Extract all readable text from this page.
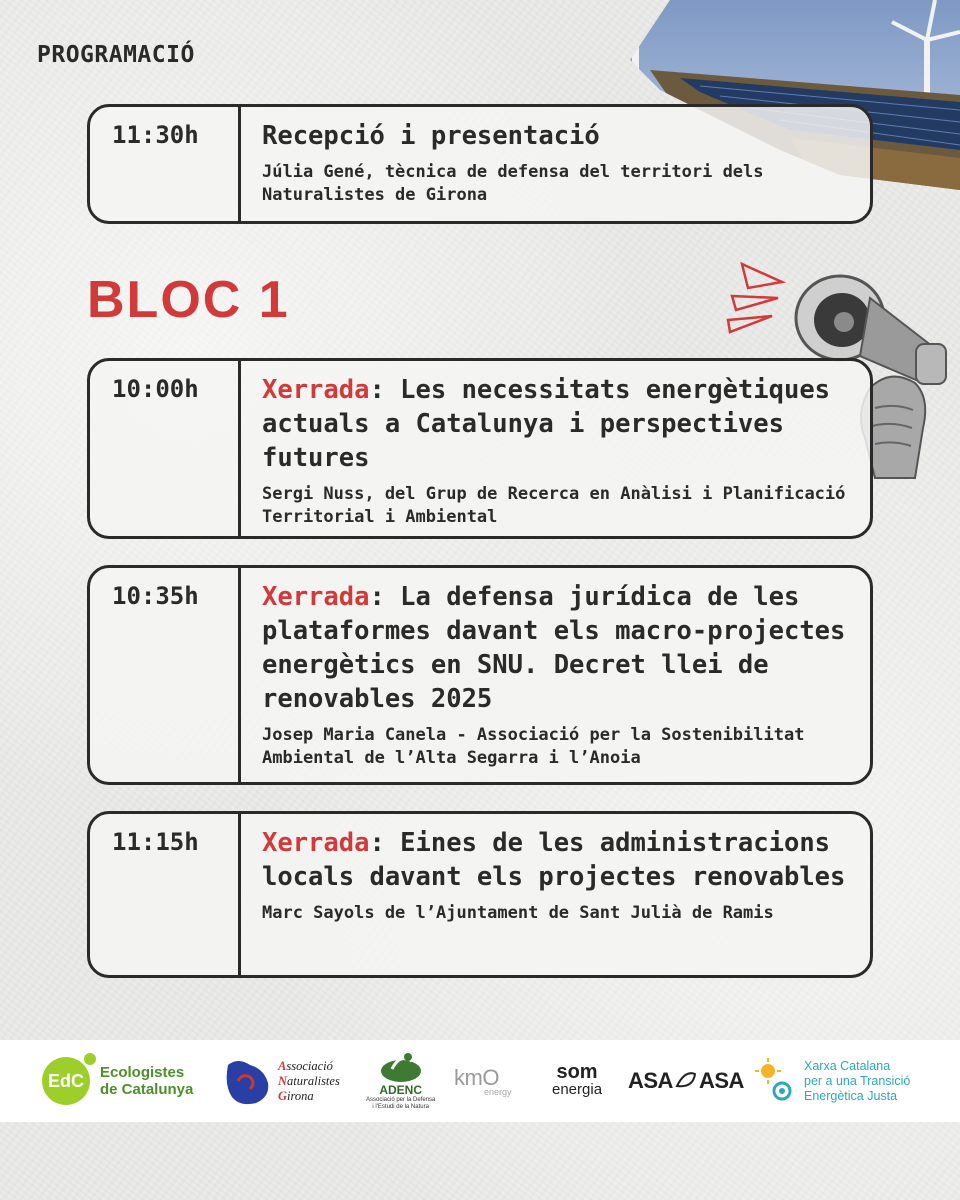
PROGRAMACIÓ
11:30h	Recepció i presentació

Júlia Gené, tècnica de defensa del territori dels Naturalistes de Girona
BLOC 1
10:00h	Xerrada: Les necessitats energètiques actuals a Catalunya i perspectives futures

Sergi Nuss, del Grup de Recerca en Anàlisi i Planificació Territorial i Ambiental
10:35h	Xerrada: La defensa jurídica de les plataformes davant els macro-projectes energètics en SNU. Decret llei de renovables 2025

Josep Maria Canela - Associació per la Sostenibilitat Ambiental de l’Alta Segarra i l’Anoia
11:15h	Xerrada: Eines de les administracions locals davant els projectes renovables

Marc Sayols de l’Ajuntament de Sant Julià de Ramis
EdC	Ecologistes
de Catalunya
Associació
Naturalistes
Girona	ADENC
Associació per la Defensa
i l'Estudi de la Natura
kmO
energy
som
energia ASA ASA
Xarxa Catalana
per a una Transició
Energètica Justa
